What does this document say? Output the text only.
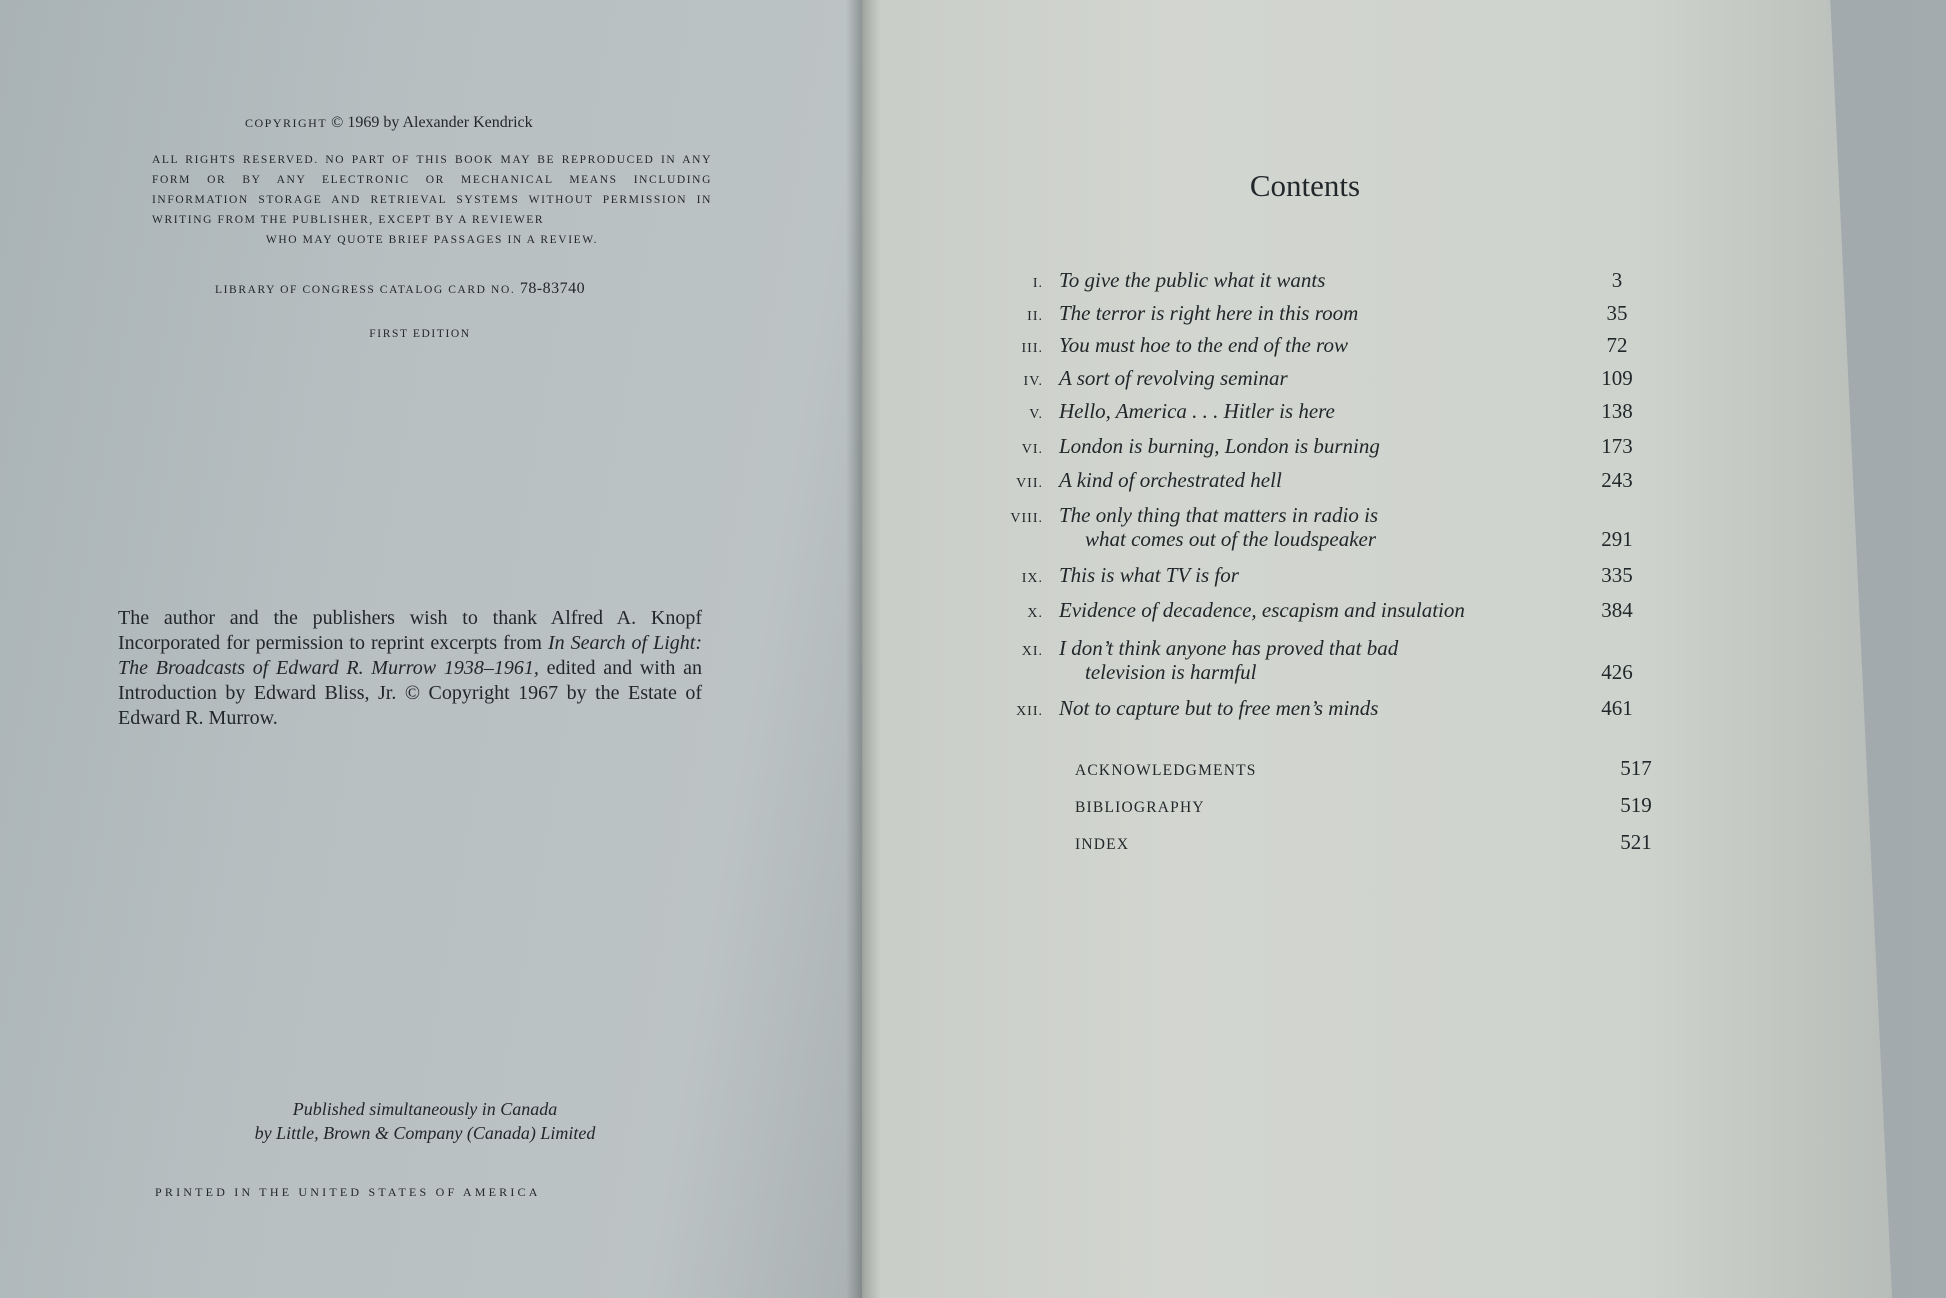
COPYRIGHT © 1969 by Alexander Kendrick
ALL RIGHTS RESERVED. NO PART OF THIS BOOK MAY BE REPRODUCED IN ANY FORM OR BY ANY ELECTRONIC OR MECHANICAL MEANS INCLUDING INFORMATION STORAGE AND RETRIEVAL SYSTEMS WITHOUT PERMISSION IN WRITING FROM THE PUBLISHER, EXCEPT BY A REVIEWER
WHO MAY QUOTE BRIEF PASSAGES IN A REVIEW.
LIBRARY OF CONGRESS CATALOG CARD NO. 78-83740
FIRST EDITION
The author and the publishers wish to thank Alfred A. Knopf Incorporated for permission to reprint excerpts from In Search of Light: The Broadcasts of Edward R. Murrow 1938–1961, edited and with an Introduction by Edward Bliss, Jr. © Copyright 1967 by the Estate of Edward R. Murrow.
Published simultaneously in Canada
by Little, Brown & Company (Canada) Limited
PRINTED IN THE UNITED STATES OF AMERICA
Contents
I. To give the public what it wants	3
II. The terror is right here in this room	35
III. You must hoe to the end of the row	72
IV. A sort of revolving seminar	109
V. Hello, America . . . Hitler is here	138
VI. London is burning, London is burning	173
VII. A kind of orchestrated hell	243
VIII. The only thing that matters in radio is
what comes out of the loudspeaker	291
IX. This is what TV is for	335
X. Evidence of decadence, escapism and insulation	384
XI. I don’t think anyone has proved that bad
television is harmful	426
XII. Not to capture but to free men’s minds	461
ACKNOWLEDGMENTS	517
BIBLIOGRAPHY	519
INDEX	521
